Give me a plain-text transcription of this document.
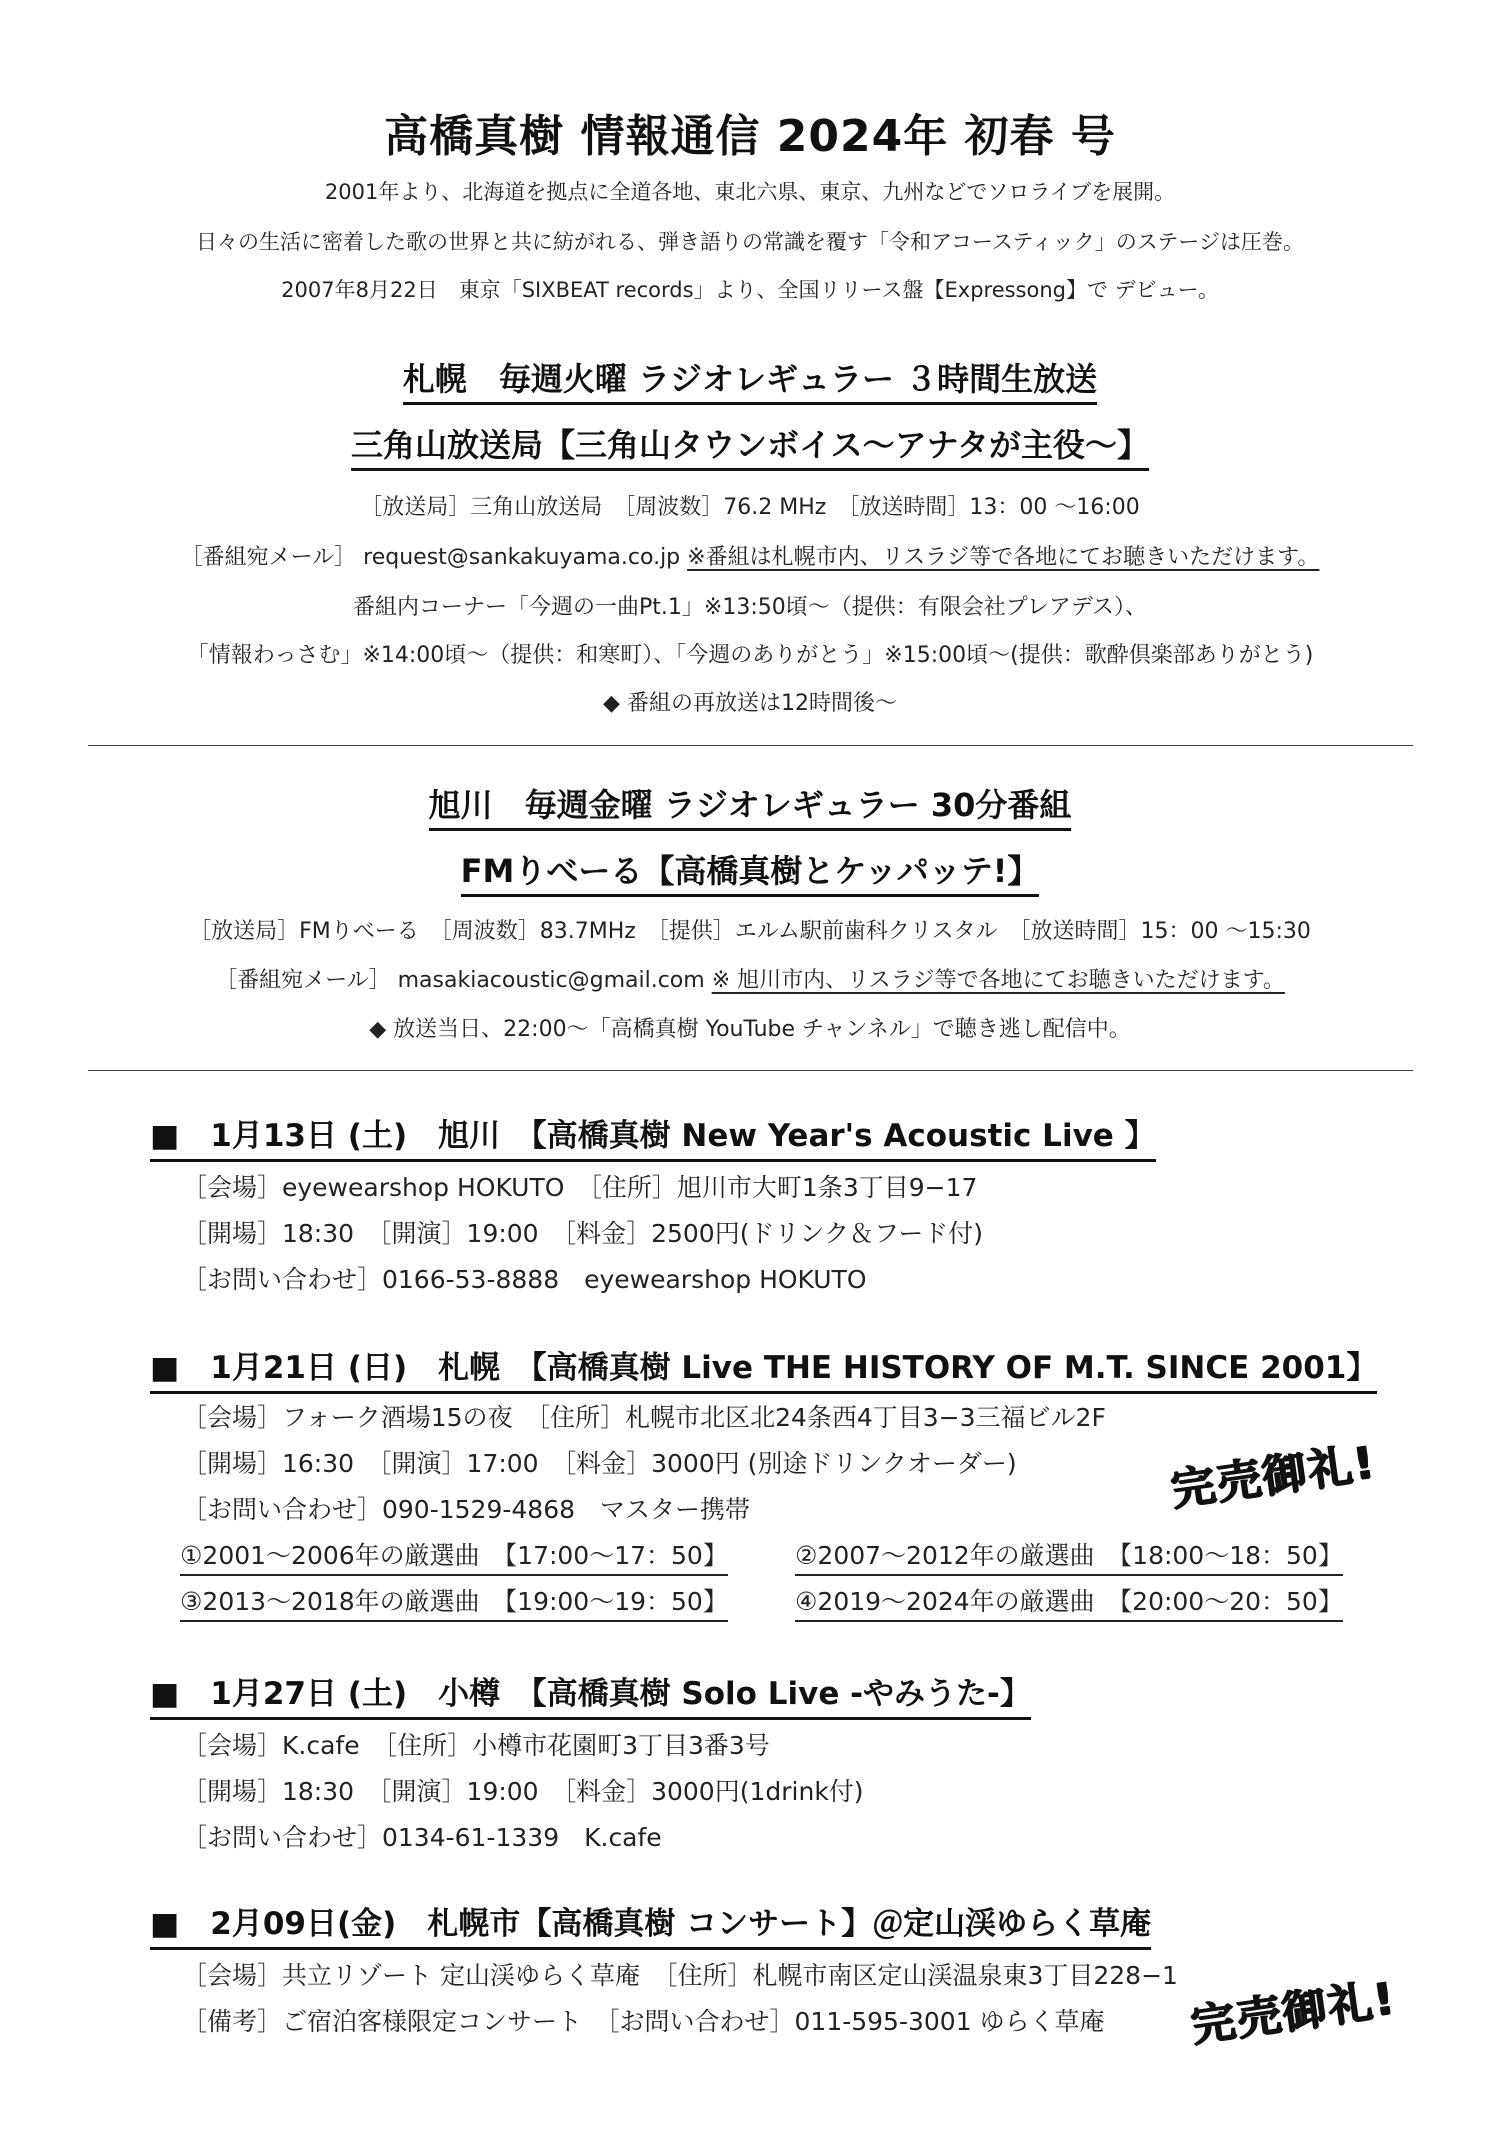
高橋真樹 情報通信 2024年 初春 号
2001年より、北海道を拠点に全道各地、東北六県、東京、九州などでソロライブを展開。
日々の生活に密着した歌の世界と共に紡がれる、弾き語りの常識を覆す「令和アコースティック」のステージは圧巻。
2007年8月22日　東京「SIXBEAT records」より、全国リリース盤【Expressong】で デビュー。
札幌　毎週火曜 ラジオレギュラー ３時間生放送
三角山放送局【三角山タウンボイス～アナタが主役～】
［放送局］三角山放送局　［周波数］76.2 MHz　［放送時間］13：00 ～16:00
［番組宛メール］ request@sankakuyama.co.jp ※番組は札幌市内、リスラジ等で各地にてお聴きいただけます。
番組内コーナー「今週の一曲Pt.1」※13:50頃～（提供：有限会社プレアデス）、
「情報わっさむ」※14:00頃～（提供：和寒町）、「今週のありがとう」※15:00頃～(提供：歌酔倶楽部ありがとう)
◆ 番組の再放送は12時間後～
旭川　毎週金曜 ラジオレギュラー 30分番組
FMりべーる【高橋真樹とケッパッテ!】
［放送局］FMりべーる　［周波数］83.7MHz　［提供］エルム駅前歯科クリスタル　［放送時間］15：00 ～15:30
［番組宛メール］ masakiacoustic@gmail.com ※ 旭川市内、リスラジ等で各地にてお聴きいただけます。
◆ 放送当日、22:00～「高橋真樹 YouTube チャンネル」で聴き逃し配信中。
■　1月13日 (土)　旭川　【高橋真樹 New Year's Acoustic Live 】
［会場］eyewearshop HOKUTO　［住所］旭川市大町1条3丁目9−17
［開場］18:30　［開演］19:00　［料金］2500円(ドリンク＆フード付)
［お問い合わせ］0166-53-8888　eyewearshop HOKUTO
■　1月21日 (日)　札幌　【高橋真樹 Live THE HISTORY OF M.T. SINCE 2001】
［会場］フォーク酒場15の夜　［住所］札幌市北区北24条西4丁目3−3三福ビル2F
［開場］16:30　［開演］17:00　［料金］3000円 (別途ドリンクオーダー)
［お問い合わせ］090-1529-4868　マスター携帯
①2001～2006年の厳選曲　【17:00～17：50】	②2007～2012年の厳選曲　【18:00～18：50】
③2013～2018年の厳選曲　【19:00～19：50】	④2019～2024年の厳選曲　【20:00～20：50】
完売御礼!
■　1月27日 (土)　小樽　【高橋真樹 Solo Live -やみうた-】
［会場］K.cafe　［住所］小樽市花園町3丁目3番3号
［開場］18:30　［開演］19:00　［料金］3000円(1drink付)
［お問い合わせ］0134-61-1339　K.cafe
■　2月09日(金)　札幌市【高橋真樹 コンサート】＠定山渓ゆらく草庵
［会場］共立リゾート 定山渓ゆらく草庵　［住所］札幌市南区定山渓温泉東3丁目228−1
［備考］ご宿泊客様限定コンサート　［お問い合わせ］011-595-3001 ゆらく草庵 完売御礼!
